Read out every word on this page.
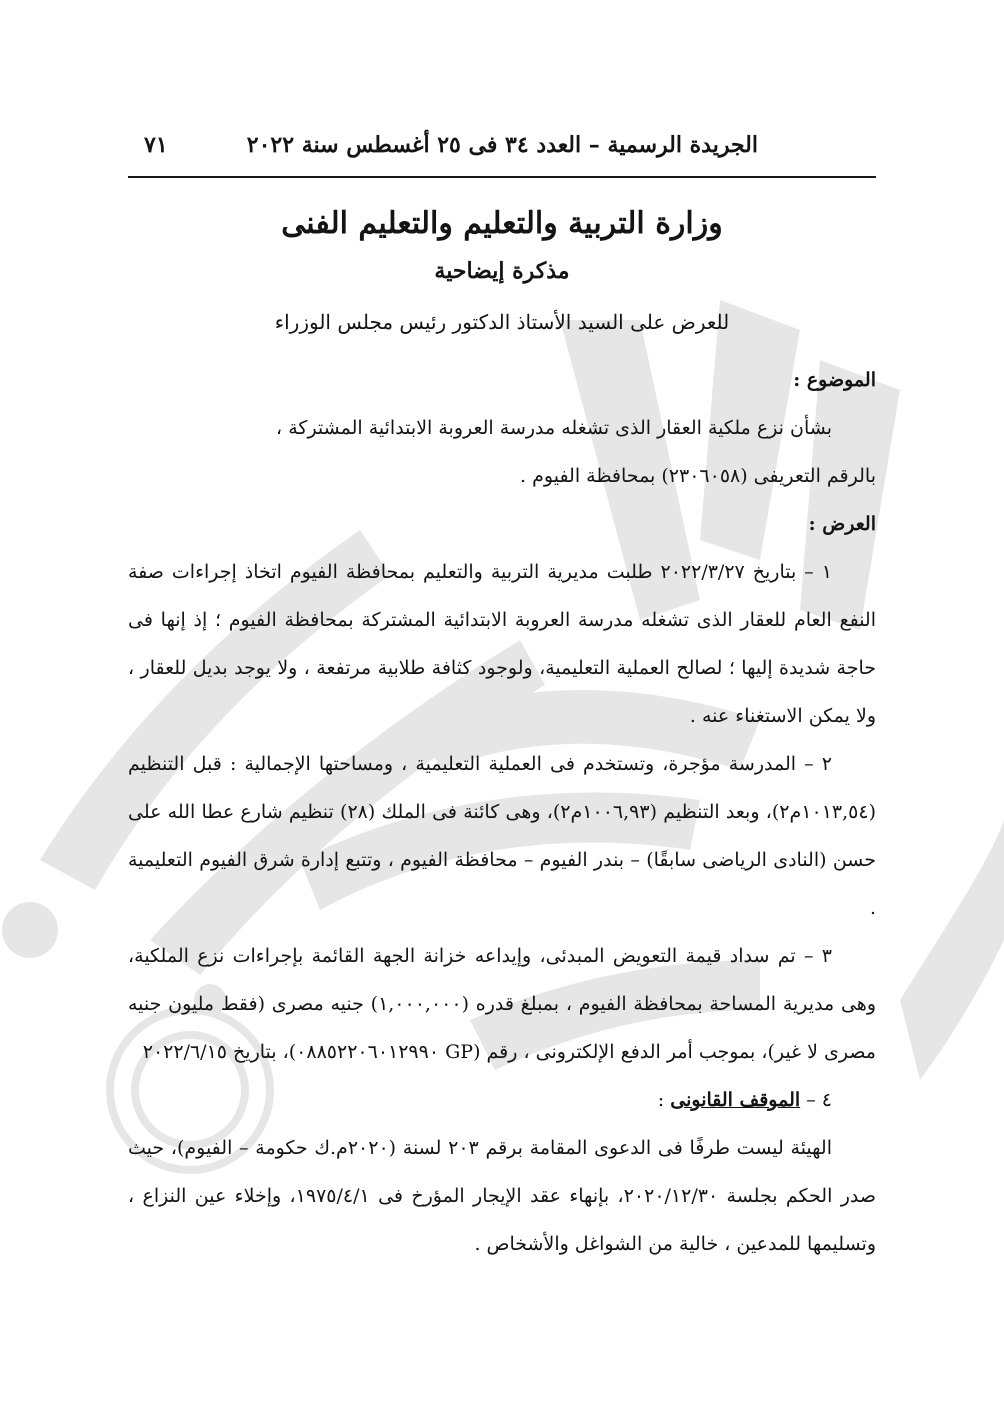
الجريدة الرسمية – العدد ٣٤ فى ٢٥ أغسطس سنة ٢٠٢٢
٧١
وزارة التربية والتعليم والتعليم الفنى
مذكرة إيضاحية
للعرض على السيد الأستاذ الدكتور رئيس مجلس الوزراء

الموضوع :

بشأن نزع ملكية العقار الذى تشغله مدرسة العروبة الابتدائية المشتركة ،

بالرقم التعريفى (٢٣٠٦٠٥٨) بمحافظة الفيوم .

العرض :

١ – بتاريخ ٢٠٢٢/٣/٢٧ طلبت مديرية التربية والتعليم بمحافظة الفيوم اتخاذ إجراءات صفة النفع العام للعقار الذى تشغله مدرسة العروبة الابتدائية المشتركة بمحافظة الفيوم ؛ إذ إنها فى حاجة شديدة إليها ؛ لصالح العملية التعليمية، ولوجود كثافة طلابية مرتفعة ، ولا يوجد بديل للعقار ، ولا يمكن الاستغناء عنه .

٢ – المدرسة مؤجرة، وتستخدم فى العملية التعليمية ، ومساحتها الإجمالية : قبل التنظيم (١٠١٣,٥٤م٢)، وبعد التنظيم (١٠٠٦,٩٣م٢)، وهى كائنة فى الملك (٢٨) تنظيم شارع عطا الله على حسن (النادى الرياضى سابقًا) – بندر الفيوم – محافظة الفيوم ، وتتبع إدارة شرق الفيوم التعليمية .

٣ – تم سداد قيمة التعويض المبدئى، وإيداعه خزانة الجهة القائمة بإجراءات نزع الملكية، وهى مديرية المساحة بمحافظة الفيوم ، بمبلغ قدره (١,٠٠٠,٠٠٠) جنيه مصرى (فقط مليون جنيه مصرى لا غير)، بموجب أمر الدفع الإلكترونى ، رقم (GP ٠٨٨٥٢٢٠٦٠١٢٩٩٠)، بتاريخ ٢٠٢٢/٦/١٥

٤ – الموقف القانونى :

الهيئة ليست طرفًا فى الدعوى المقامة برقم ٢٠٣ لسنة (٢٠٢٠م.ك حكومة – الفيوم)، حيث صدر الحكم بجلسة ٢٠٢٠/١٢/٣٠، بإنهاء عقد الإيجار المؤرخ فى ١٩٧٥/٤/١، وإخلاء عين النزاع ، وتسليمها للمدعين ، خالية من الشواغل والأشخاص .
